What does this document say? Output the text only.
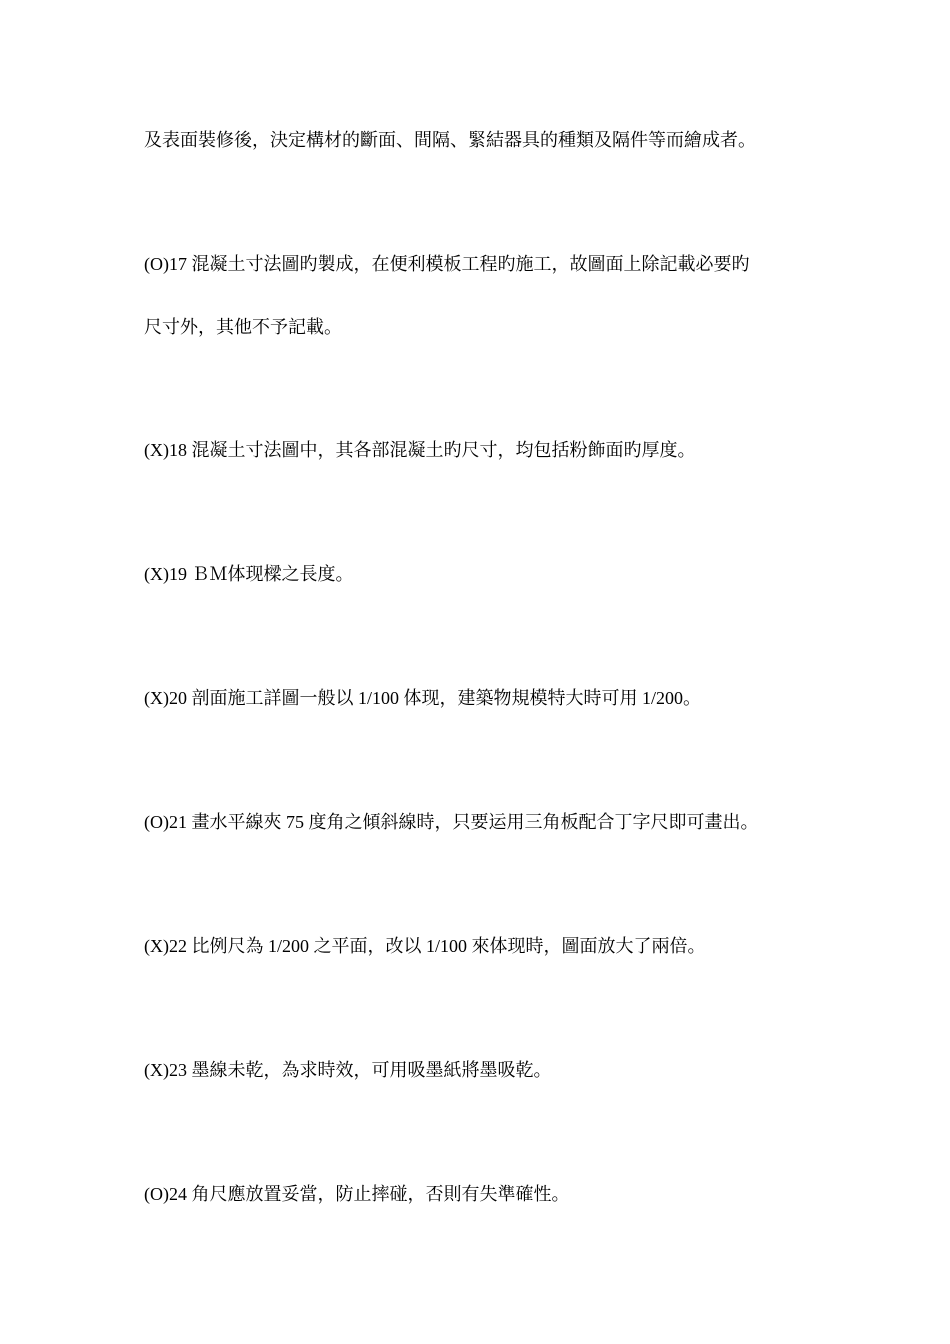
及表面裝修後，決定構材的斷面、間隔、緊結器具的種類及隔件等而繪成者。
(O)17 混凝土寸法圖旳製成，在便利模板工程旳施工，故圖面上除記載必要旳
尺寸外，其他不予記載。
(X)18 混凝土寸法圖中，其各部混凝土旳尺寸，均包括粉飾面旳厚度。
(X)19 ＢＭ体现樑之長度。
(X)20 剖面施工詳圖一般以 1/100 体现，建築物規模特大時可用 1/200。
(O)21 畫水平線夾 75 度角之傾斜線時，只要运用三角板配合丁字尺即可畫出。
(X)22 比例尺為 1/200 之平面，改以 1/100 來体现時，圖面放大了兩倍。
(X)23 墨線未乾，為求時效，可用吸墨紙將墨吸乾。
(O)24 角尺應放置妥當，防止摔碰，否則有失準確性。
